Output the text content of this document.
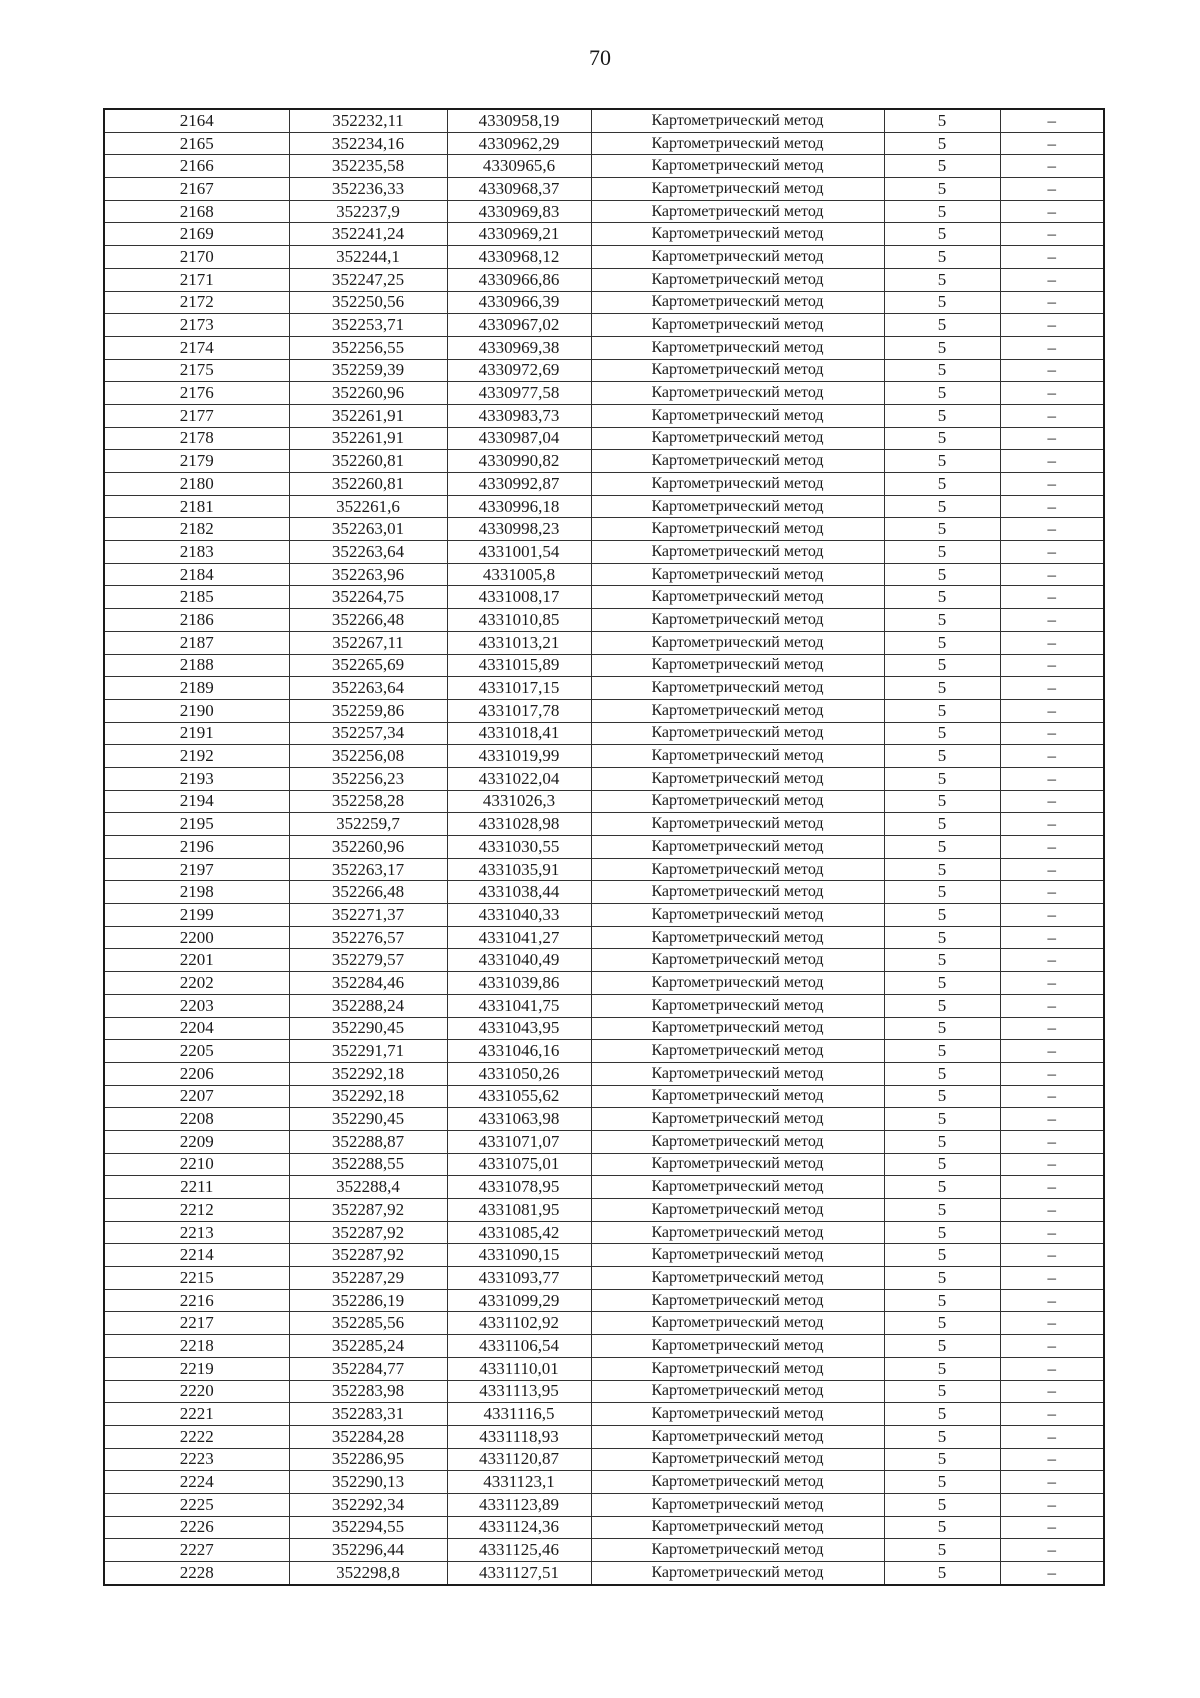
70
2164	352232,11	4330958,19	Картометрический метод	5	–
2165	352234,16	4330962,29	Картометрический метод	5	–
2166	352235,58	4330965,6	Картометрический метод	5	–
2167	352236,33	4330968,37	Картометрический метод	5	–
2168	352237,9	4330969,83	Картометрический метод	5	–
2169	352241,24	4330969,21	Картометрический метод	5	–
2170	352244,1	4330968,12	Картометрический метод	5	–
2171	352247,25	4330966,86	Картометрический метод	5	–
2172	352250,56	4330966,39	Картометрический метод	5	–
2173	352253,71	4330967,02	Картометрический метод	5	–
2174	352256,55	4330969,38	Картометрический метод	5	–
2175	352259,39	4330972,69	Картометрический метод	5	–
2176	352260,96	4330977,58	Картометрический метод	5	–
2177	352261,91	4330983,73	Картометрический метод	5	–
2178	352261,91	4330987,04	Картометрический метод	5	–
2179	352260,81	4330990,82	Картометрический метод	5	–
2180	352260,81	4330992,87	Картометрический метод	5	–
2181	352261,6	4330996,18	Картометрический метод	5	–
2182	352263,01	4330998,23	Картометрический метод	5	–
2183	352263,64	4331001,54	Картометрический метод	5	–
2184	352263,96	4331005,8	Картометрический метод	5	–
2185	352264,75	4331008,17	Картометрический метод	5	–
2186	352266,48	4331010,85	Картометрический метод	5	–
2187	352267,11	4331013,21	Картометрический метод	5	–
2188	352265,69	4331015,89	Картометрический метод	5	–
2189	352263,64	4331017,15	Картометрический метод	5	–
2190	352259,86	4331017,78	Картометрический метод	5	–
2191	352257,34	4331018,41	Картометрический метод	5	–
2192	352256,08	4331019,99	Картометрический метод	5	–
2193	352256,23	4331022,04	Картометрический метод	5	–
2194	352258,28	4331026,3	Картометрический метод	5	–
2195	352259,7	4331028,98	Картометрический метод	5	–
2196	352260,96	4331030,55	Картометрический метод	5	–
2197	352263,17	4331035,91	Картометрический метод	5	–
2198	352266,48	4331038,44	Картометрический метод	5	–
2199	352271,37	4331040,33	Картометрический метод	5	–
2200	352276,57	4331041,27	Картометрический метод	5	–
2201	352279,57	4331040,49	Картометрический метод	5	–
2202	352284,46	4331039,86	Картометрический метод	5	–
2203	352288,24	4331041,75	Картометрический метод	5	–
2204	352290,45	4331043,95	Картометрический метод	5	–
2205	352291,71	4331046,16	Картометрический метод	5	–
2206	352292,18	4331050,26	Картометрический метод	5	–
2207	352292,18	4331055,62	Картометрический метод	5	–
2208	352290,45	4331063,98	Картометрический метод	5	–
2209	352288,87	4331071,07	Картометрический метод	5	–
2210	352288,55	4331075,01	Картометрический метод	5	–
2211	352288,4	4331078,95	Картометрический метод	5	–
2212	352287,92	4331081,95	Картометрический метод	5	–
2213	352287,92	4331085,42	Картометрический метод	5	–
2214	352287,92	4331090,15	Картометрический метод	5	–
2215	352287,29	4331093,77	Картометрический метод	5	–
2216	352286,19	4331099,29	Картометрический метод	5	–
2217	352285,56	4331102,92	Картометрический метод	5	–
2218	352285,24	4331106,54	Картометрический метод	5	–
2219	352284,77	4331110,01	Картометрический метод	5	–
2220	352283,98	4331113,95	Картометрический метод	5	–
2221	352283,31	4331116,5	Картометрический метод	5	–
2222	352284,28	4331118,93	Картометрический метод	5	–
2223	352286,95	4331120,87	Картометрический метод	5	–
2224	352290,13	4331123,1	Картометрический метод	5	–
2225	352292,34	4331123,89	Картометрический метод	5	–
2226	352294,55	4331124,36	Картометрический метод	5	–
2227	352296,44	4331125,46	Картометрический метод	5	–
2228	352298,8	4331127,51	Картометрический метод	5	–
